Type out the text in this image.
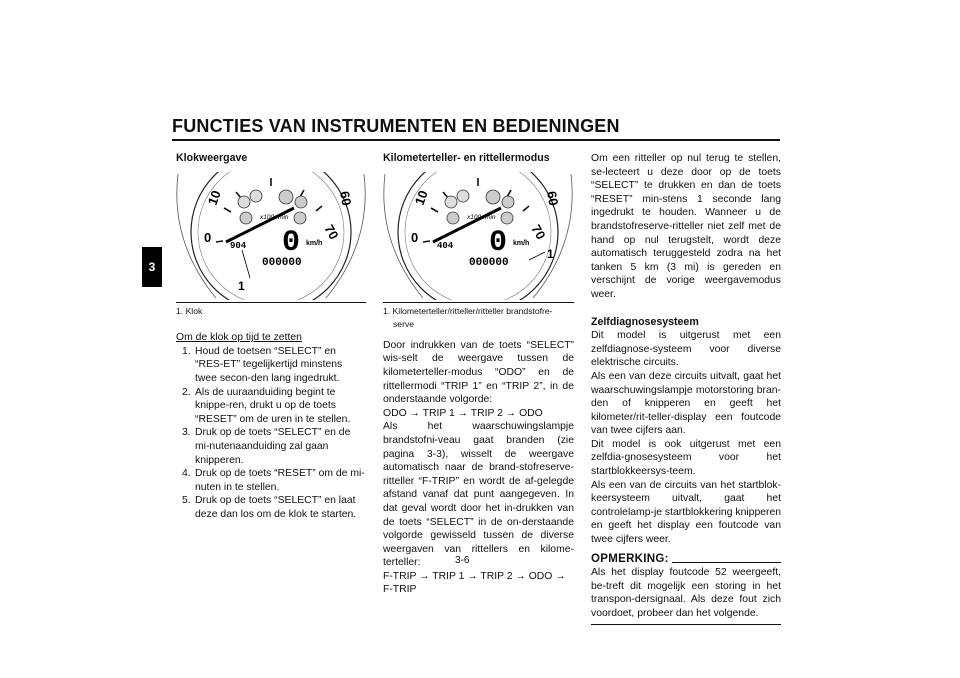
FUNCTIES VAN INSTRUMENTEN EN BEDIENINGEN
3
Klokweergave
10	60
70
0
x100r/min
0 km/h
904
000000
1
1. Klok
Om de klok op tijd te zetten
1. Houd de toetsen “SELECT” en “RES-ET” tegelijkertijd minstens twee secon-den lang ingedrukt.
2. Als de uuraanduiding begint te knippe-ren, drukt u op de toets “RESET” om de uren in te stellen.
3. Druk op de toets “SELECT” en de mi-nutenaanduiding zal gaan knipperen.
4. Druk op de toets “RESET” om de mi-nuten in te stellen.
5. Druk op de toets “SELECT” en laat deze dan los om de klok te starten.
Kilometerteller- en rittellermodus
10	60
70
0
x100r/min
0 km/h
404
000000
1
1. Kilometerteller/ritteller/ritteller brandstofre-
serve
Door indrukken van de toets “SELECT” wis-selt de weergave tussen de kilometerteller-modus “ODO” en de rittellermodi “TRIP 1” en “TRIP 2”, in de onderstaande volgorde:
ODO → TRIP 1 → TRIP 2 → ODO
Als het waarschuwingslampje brandstofni-veau gaat branden (zie pagina 3-3), wisselt de weergave automatisch naar de brand-stofreserve-ritteller “F-TRIP” en wordt de af-gelegde afstand vanaf dat punt aangegeven. In dat geval wordt door het in-drukken van de toets “SELECT” in de on-derstaande volgorde gewisseld tussen de diverse weergaven van rittellers en kilome-terteller:
F-TRIP → TRIP 1 → TRIP 2 → ODO → F-TRIP
Om een ritteller op nul terug te stellen, se-lecteert u deze door op de toets “SELECT” te drukken en dan de toets “RESET” min-stens 1 seconde lang ingedrukt te houden. Wanneer u de brandstofreserve-ritteller niet zelf met de hand op nul terugstelt, wordt deze automatisch teruggesteld zodra na het tanken 5 km (3 mi) is gereden en verschijnt de vorige weergavemodus weer.
Zelfdiagnosesysteem
Dit model is uitgerust met een zelfdiagnose-systeem voor diverse elektrische circuits.
Als een van deze circuits uitvalt, gaat het waarschuwingslampje motorstoring bran-den of knipperen en geeft het kilometer/rit-teller-display een foutcode van twee cijfers aan.
Dit model is ook uitgerust met een zelfdia-gnosesysteem voor het startblokkeersys-teem.
Als een van de circuits van het startblok-keersysteem uitvalt, gaat het controlelamp-je startblokkering knipperen en geeft het display een foutcode van twee cijfers weer.
OPMERKING:
Als het display foutcode 52 weergeeft, be-treft dit mogelijk een storing in het transpon-dersignaal. Als deze fout zich voordoet, probeer dan het volgende.
3-6
